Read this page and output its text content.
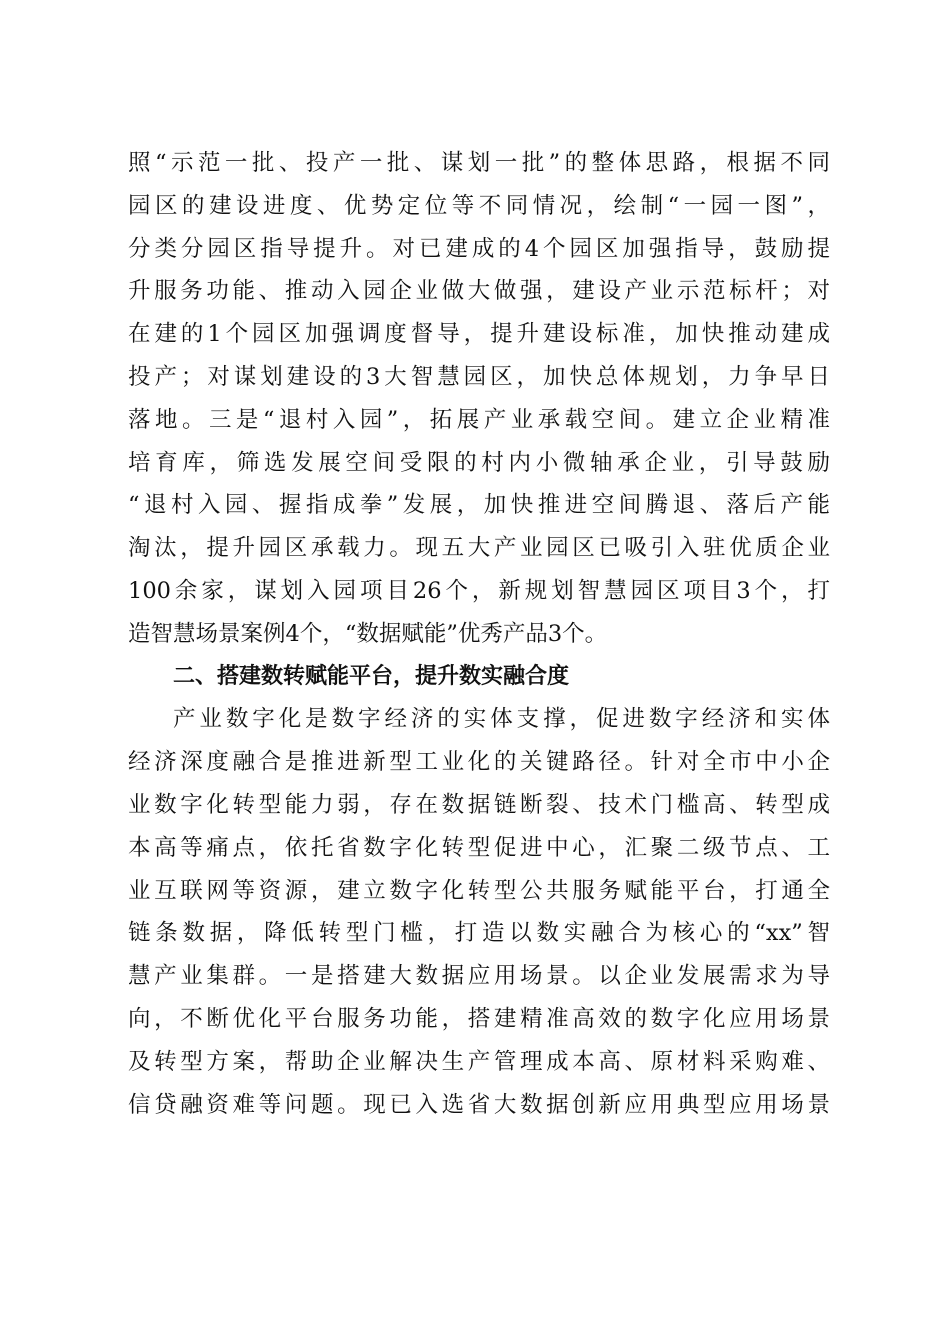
照“示范一批、投产一批、谋划一批”的整体思路，根据不同
园区的建设进度、优势定位等不同情况，绘制“一园一图”，
分类分园区指导提升。对已建成的4个园区加强指导，鼓励提
升服务功能、推动入园企业做大做强，建设产业示范标杆；对
在建的1个园区加强调度督导，提升建设标准，加快推动建成
投产；对谋划建设的3大智慧园区，加快总体规划，力争早日
落地。三是“退村入园”，拓展产业承载空间。建立企业精准
培育库，筛选发展空间受限的村内小微轴承企业，引导鼓励
“退村入园、握指成拳”发展，加快推进空间腾退、落后产能
淘汰，提升园区承载力。现五大产业园区已吸引入驻优质企业
100余家，谋划入园项目26个，新规划智慧园区项目3个，打
造智慧场景案例4个，“数据赋能”优秀产品3个。
二、搭建数转赋能平台，提升数实融合度
产业数字化是数字经济的实体支撑，促进数字经济和实体
经济深度融合是推进新型工业化的关键路径。针对全市中小企
业数字化转型能力弱，存在数据链断裂、技术门槛高、转型成
本高等痛点，依托省数字化转型促进中心，汇聚二级节点、工
业互联网等资源，建立数字化转型公共服务赋能平台，打通全
链条数据，降低转型门槛，打造以数实融合为核心的“xx”智
慧产业集群。一是搭建大数据应用场景。以企业发展需求为导
向，不断优化平台服务功能，搭建精准高效的数字化应用场景
及转型方案，帮助企业解决生产管理成本高、原材料采购难、
信贷融资难等问题。现已入选省大数据创新应用典型应用场景
